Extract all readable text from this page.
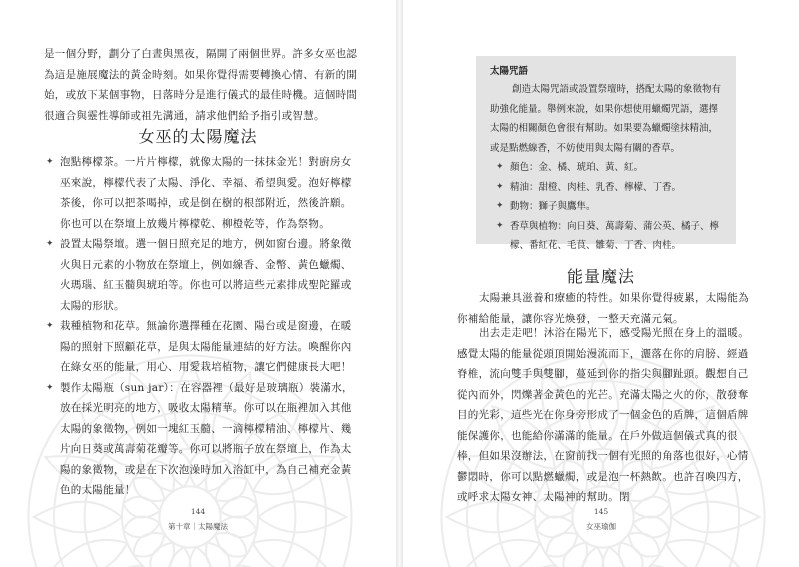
是一個分野，劃分了白晝與黑夜，隔開了兩個世界。許多女巫也認為這是施展魔法的黃金時刻。如果你覺得需要轉換心情、有新的開始，或放下某個事物，日落時分是進行儀式的最佳時機。這個時間很適合與靈性導師或祖先溝通，請求他們給予指引或智慧。

女巫的太陽魔法
✦ 泡點檸檬茶。一片片檸檬，就像太陽的一抹抹金光！對廚房女巫來說，檸檬代表了太陽、淨化、幸福、希望與愛。泡好檸檬茶後，你可以把茶喝掉，或是倒在樹的根部附近，然後許願。你也可以在祭壇上放幾片檸檬乾、柳橙乾等，作為祭物。
✦ 設置太陽祭壇。選一個日照充足的地方，例如窗台邊。將象徵火與日元素的小物放在祭壇上，例如線香、金幣、黃色蠟燭、火瑪瑙、紅玉髓與琥珀等。你也可以將這些元素排成聖陀羅或太陽的形狀。
✦ 栽種植物和花草。無論你選擇種在花園、陽台或是窗邊，在暖陽的照射下照顧花草，是與太陽能量連結的好方法。喚醒你內在綠女巫的能量，用心、用愛栽培植物，讓它們健康長大吧！
✦ 製作太陽瓶（sun jar）：在容器裡（最好是玻璃瓶）裝滿水，放在採光明亮的地方，吸收太陽精華。你可以在瓶裡加入其他太陽的象徵物，例如一塊紅玉髓、一滴檸檬精油、檸檬片、幾片向日葵或萬壽菊花瓣等。你可以將瓶子放在祭壇上，作為太陽的象徵物，或是在下次泡澡時加入浴缸中，為自己補充金黃色的太陽能量！
144
第十章｜太陽魔法
太陽咒語

創造太陽咒語或設置祭壇時，搭配太陽的象徵物有助強化能量。舉例來說，如果你想使用蠟燭咒語，選擇太陽的相關顏色會很有幫助。如果要為蠟燭塗抹精油，或是點燃線香，不妨使用與太陽有關的香草。

✦ 顏色：金、橘、琥珀、黃、紅。
✦ 精油：甜橙、肉桂、乳香、檸檬、丁香。
✦ 動物：獅子與鷹隼。
✦ 香草與植物：向日葵、萬壽菊、蒲公英、橘子、檸檬、番紅花、毛茛、雛菊、丁香、肉桂。
能量魔法

太陽兼具滋養和療癒的特性。如果你覺得疲累，太陽能為你補給能量，讓你容光煥發，一整天充滿元氣。

出去走走吧！沐浴在陽光下，感受陽光照在身上的溫暖。感覺太陽的能量從頭頂開始漫流而下，灑落在你的肩膀、經過脊椎，流向雙手與雙腳，蔓延到你的指尖與腳趾頭。觀想自己從內而外，閃爍著金黃色的光芒。充滿太陽之火的你，散發奪目的光彩，這些光在你身旁形成了一個金色的盾牌，這個盾牌能保護你，也能給你滿滿的能量。在戶外做這個儀式真的很棒，但如果沒辦法，在窗前找一個有光照的角落也很好，心情鬱悶時，你可以點燃蠟燭，或是泡一杯熱飲。也許召喚四方，或呼求太陽女神、太陽神的幫助。閉

145
女巫瑜伽
